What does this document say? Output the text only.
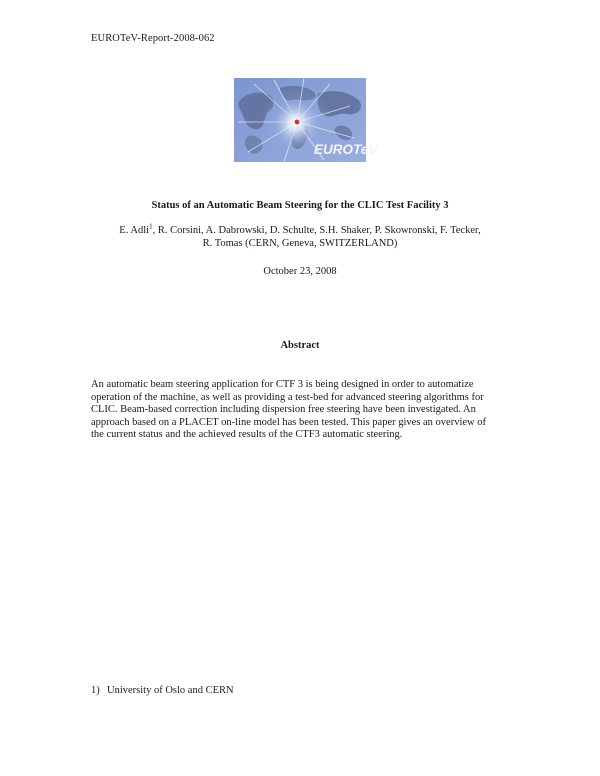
EUROTeV-Report-2008-062
EUROTeV
Status of an Automatic Beam Steering for the CLIC Test Facility 3
E. Adli$^1$, R. Corsini, A. Dabrowski, D. Schulte, S.H. Shaker, P. Skowronski, F. Tecker,
R. Tomas (CERN, Geneva, SWITZERLAND)
October 23, 2008
Abstract
An automatic beam steering application for CTF 3 is being designed in order to automatize
operation of the machine, as well as providing a test-bed for advanced steering algorithms for
CLIC. Beam-based correction including dispersion free steering have been investigated. An
approach based on a PLACET on-line model has been tested. This paper gives an overview of
the current status and the achieved results of the CTF3 automatic steering.
1) University of Oslo and CERN
